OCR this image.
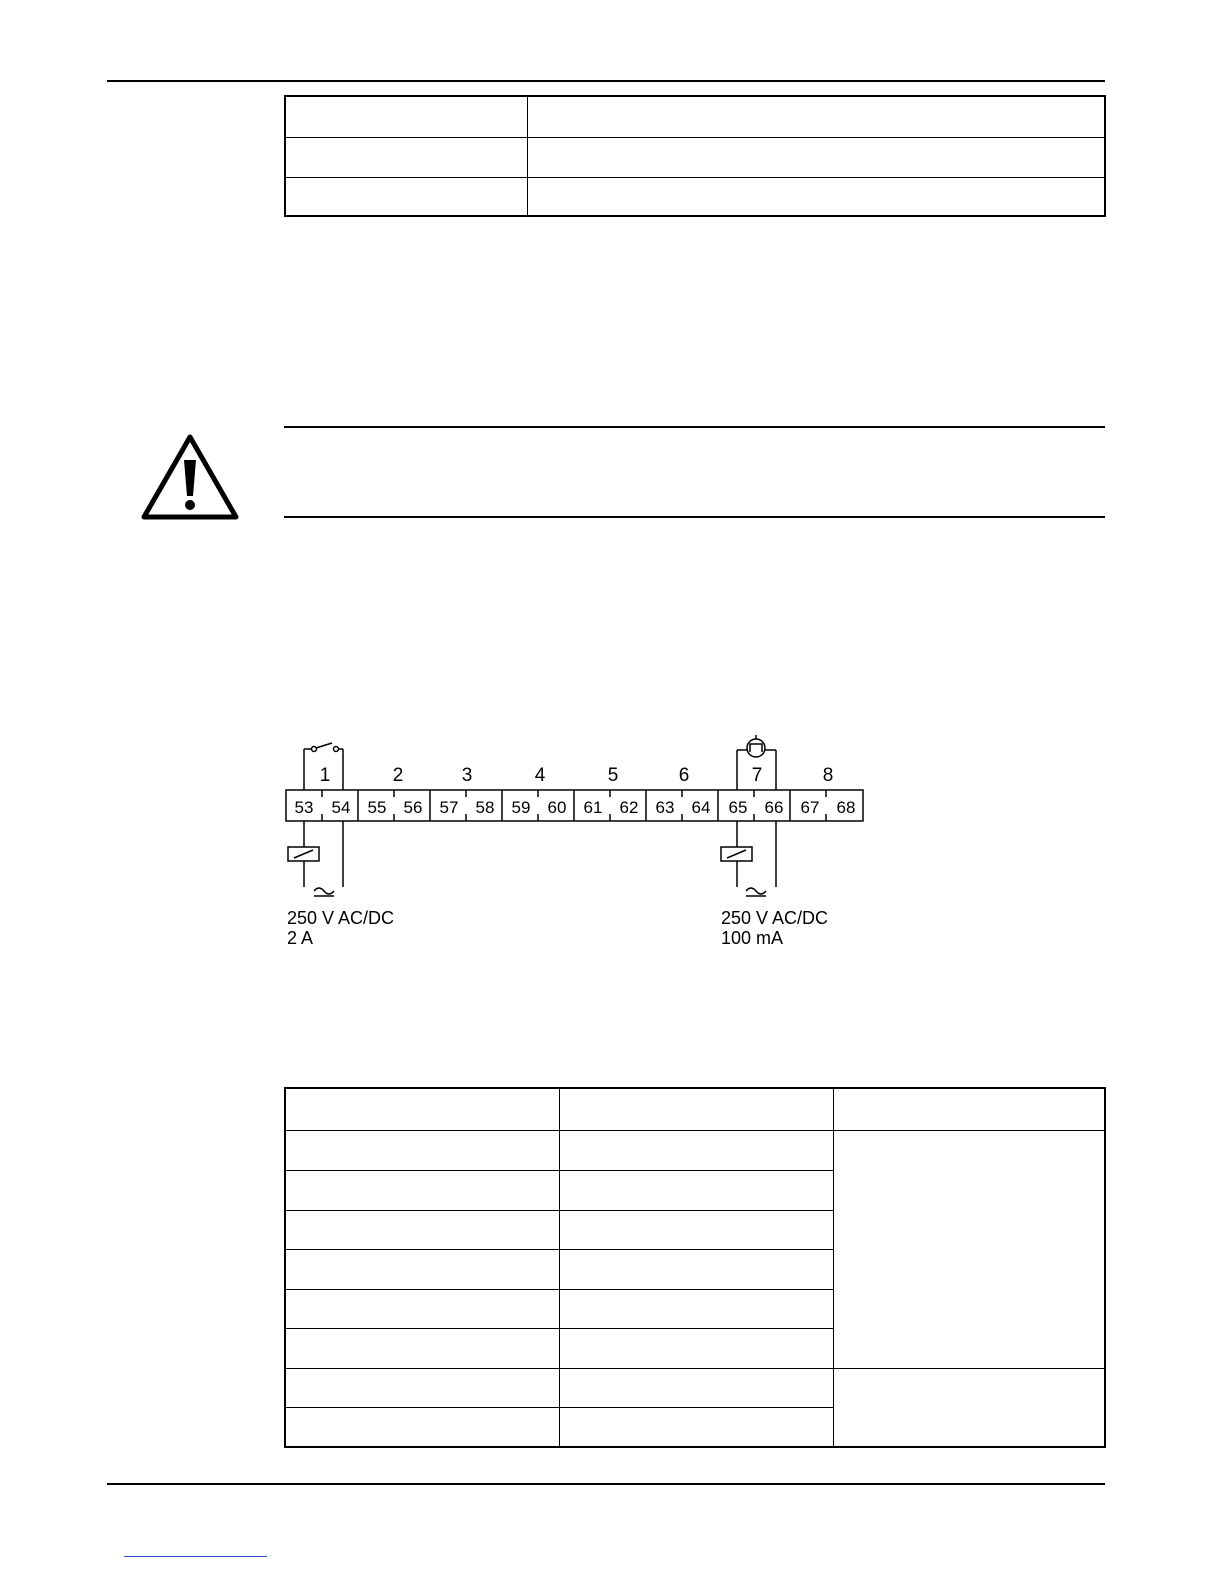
1	2	3	4	5	6	7	8
53 54 55 56 57 58 59 60 61 62 63 64 65 66 67 68
250 V AC/DC
2 A
250 V AC/DC
100 mA
